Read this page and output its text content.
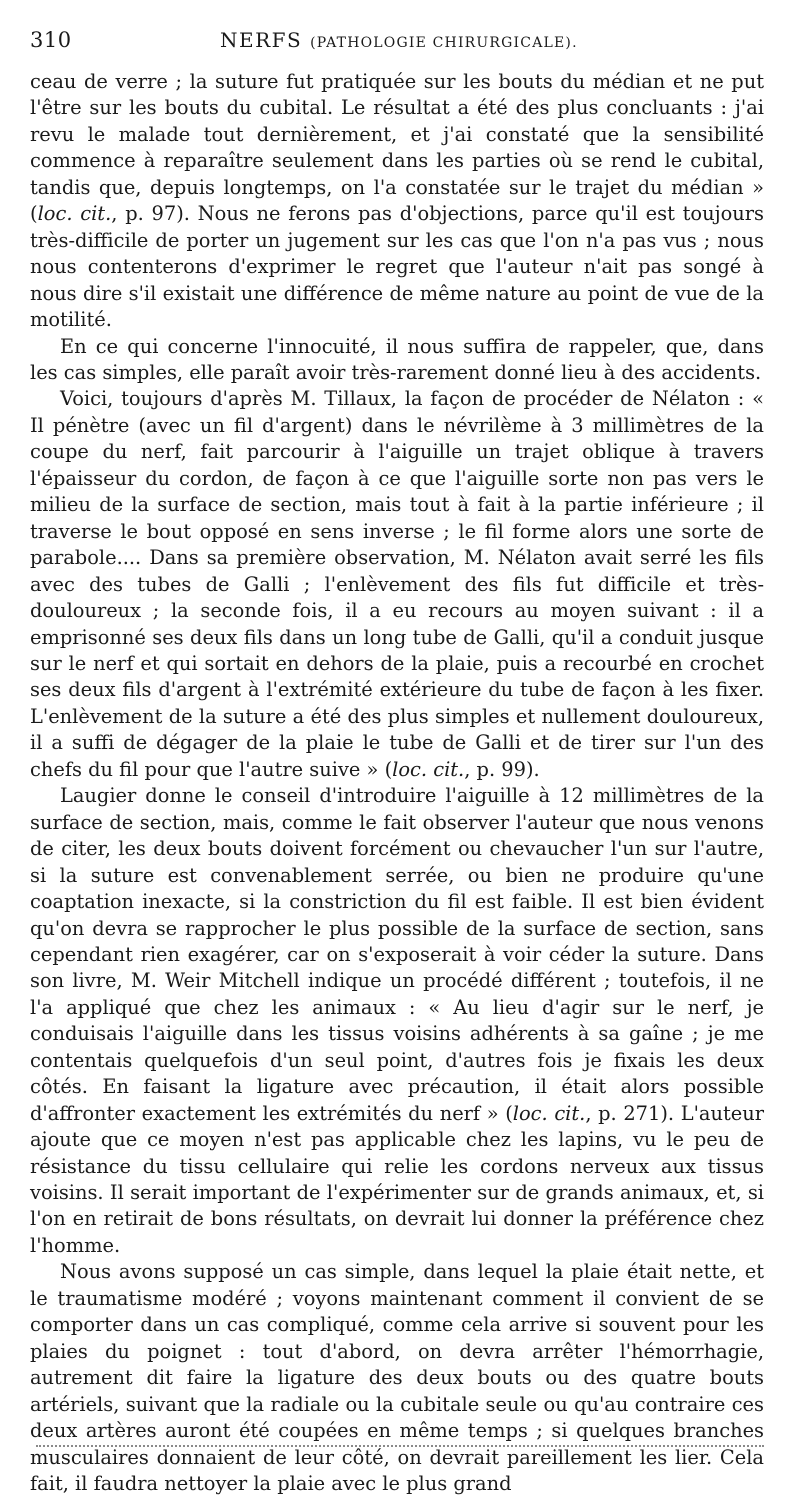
310	NERFS (PATHOLOGIE CHIRURGICALE).

ceau de verre ; la suture fut pratiquée sur les bouts du médian et ne put l'être sur les bouts du cubital. Le résultat a été des plus concluants : j'ai revu le malade tout dernièrement, et j'ai constaté que la sensibilité commence à reparaître seulement dans les parties où se rend le cubital, tandis que, depuis longtemps, on l'a constatée sur le trajet du médian » (loc. cit., p. 97). Nous ne ferons pas d'objections, parce qu'il est toujours très-difficile de porter un jugement sur les cas que l'on n'a pas vus ; nous nous contenterons d'exprimer le regret que l'auteur n'ait pas songé à nous dire s'il existait une différence de même nature au point de vue de la motilité.

En ce qui concerne l'innocuité, il nous suffira de rappeler, que, dans les cas simples, elle paraît avoir très-rarement donné lieu à des accidents.

Voici, toujours d'après M. Tillaux, la façon de procéder de Nélaton : « Il pénètre (avec un fil d'argent) dans le névrilème à 3 millimètres de la coupe du nerf, fait parcourir à l'aiguille un trajet oblique à travers l'épaisseur du cordon, de façon à ce que l'aiguille sorte non pas vers le milieu de la surface de section, mais tout à fait à la partie inférieure ; il traverse le bout opposé en sens inverse ; le fil forme alors une sorte de parabole.... Dans sa première observation, M. Nélaton avait serré les fils avec des tubes de Galli ; l'enlèvement des fils fut difficile et très-douloureux ; la seconde fois, il a eu recours au moyen suivant : il a emprisonné ses deux fils dans un long tube de Galli, qu'il a conduit jusque sur le nerf et qui sortait en dehors de la plaie, puis a recourbé en crochet ses deux fils d'argent à l'extrémité extérieure du tube de façon à les fixer. L'enlèvement de la suture a été des plus simples et nullement douloureux, il a suffi de dégager de la plaie le tube de Galli et de tirer sur l'un des chefs du fil pour que l'autre suive » (loc. cit., p. 99).

Laugier donne le conseil d'introduire l'aiguille à 12 millimètres de la surface de section, mais, comme le fait observer l'auteur que nous venons de citer, les deux bouts doivent forcément ou chevaucher l'un sur l'autre, si la suture est convenablement serrée, ou bien ne produire qu'une coaptation inexacte, si la constriction du fil est faible. Il est bien évident qu'on devra se rapprocher le plus possible de la surface de section, sans cependant rien exagérer, car on s'exposerait à voir céder la suture. Dans son livre, M. Weir Mitchell indique un procédé différent ; toutefois, il ne l'a appliqué que chez les animaux : « Au lieu d'agir sur le nerf, je conduisais l'aiguille dans les tissus voisins adhérents à sa gaîne ; je me contentais quelquefois d'un seul point, d'autres fois je fixais les deux côtés. En faisant la ligature avec précaution, il était alors possible d'affronter exactement les extrémités du nerf » (loc. cit., p. 271). L'auteur ajoute que ce moyen n'est pas applicable chez les lapins, vu le peu de résistance du tissu cellulaire qui relie les cordons nerveux aux tissus voisins. Il serait important de l'expérimenter sur de grands animaux, et, si l'on en retirait de bons résultats, on devrait lui donner la préférence chez l'homme.

Nous avons supposé un cas simple, dans lequel la plaie était nette, et le traumatisme modéré ; voyons maintenant comment il convient de se comporter dans un cas compliqué, comme cela arrive si souvent pour les plaies du poignet : tout d'abord, on devra arrêter l'hémorrhagie, autrement dit faire la ligature des deux bouts ou des quatre bouts artériels, suivant que la radiale ou la cubitale seule ou qu'au contraire ces deux artères auront été coupées en même temps ; si quelques branches musculaires donnaient de leur côté, on devrait pareillement les lier. Cela fait, il faudra nettoyer la plaie avec le plus grand
